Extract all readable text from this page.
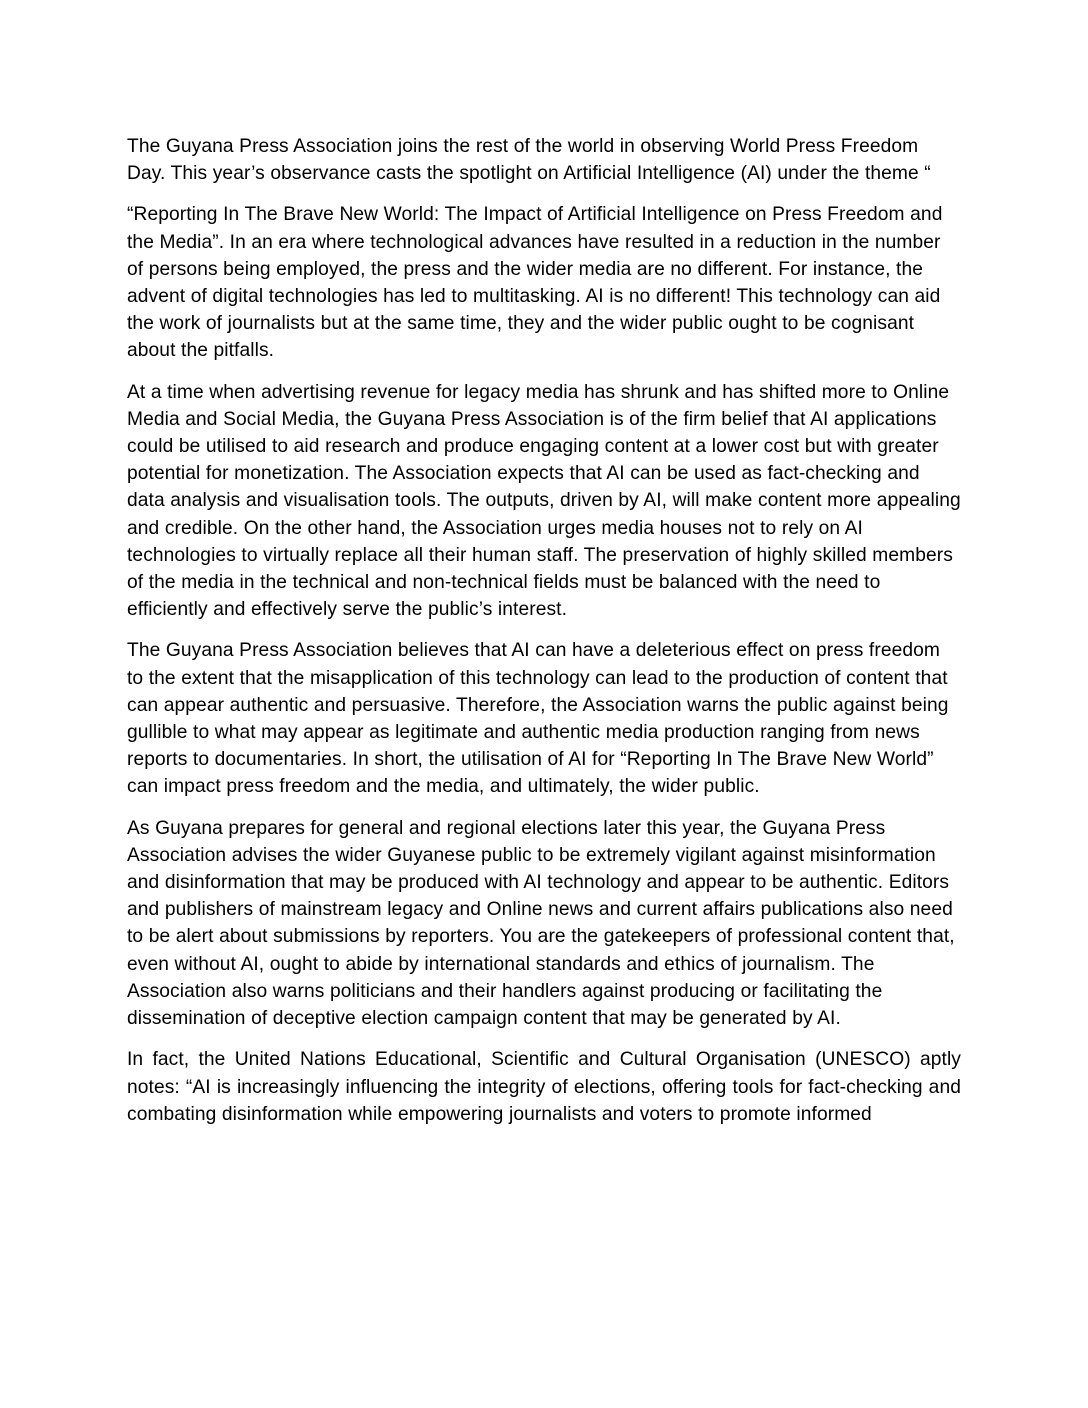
The Guyana Press Association joins the rest of the world in observing World Press Freedom Day. This year’s observance casts the spotlight on Artificial Intelligence (AI) under the theme “

“Reporting In The Brave New World: The Impact of Artificial Intelligence on Press Freedom and the Media”. In an era where technological advances have resulted in a reduction in the number of persons being employed, the press and the wider media are no different. For instance, the advent of digital technologies has led to multitasking. AI is no different! This technology can aid the work of journalists but at the same time, they and the wider public ought to be cognisant about the pitfalls.

At a time when advertising revenue for legacy media has shrunk and has shifted more to Online Media and Social Media, the Guyana Press Association is of the firm belief that AI applications could be utilised to aid research and produce engaging content at a lower cost but with greater potential for monetization. The Association expects that AI can be used as fact-checking and data analysis and visualisation tools. The outputs, driven by AI, will make content more appealing and credible. On the other hand, the Association urges media houses not to rely on AI technologies to virtually replace all their human staff. The preservation of highly skilled members of the media in the technical and non-technical fields must be balanced with the need to efficiently and effectively serve the public’s interest.

The Guyana Press Association believes that AI can have a deleterious effect on press freedom to the extent that the misapplication of this technology can lead to the production of content that can appear authentic and persuasive. Therefore, the Association warns the public against being gullible to what may appear as legitimate and authentic media production ranging from news reports to documentaries. In short, the utilisation of AI for “Reporting In The Brave New World” can impact press freedom and the media, and ultimately, the wider public.

As Guyana prepares for general and regional elections later this year, the Guyana Press Association advises the wider Guyanese public to be extremely vigilant against misinformation and disinformation that may be produced with AI technology and appear to be authentic. Editors and publishers of mainstream legacy and Online news and current affairs publications also need to be alert about submissions by reporters. You are the gatekeepers of professional content that, even without AI, ought to abide by international standards and ethics of journalism. The Association also warns politicians and their handlers against producing or facilitating the dissemination of deceptive election campaign content that may be generated by AI.

In fact, the United Nations Educational, Scientific and Cultural Organisation (UNESCO) aptly notes: “AI is increasingly influencing the integrity of elections, offering tools for fact-checking and combating disinformation while empowering journalists and voters to promote informed
